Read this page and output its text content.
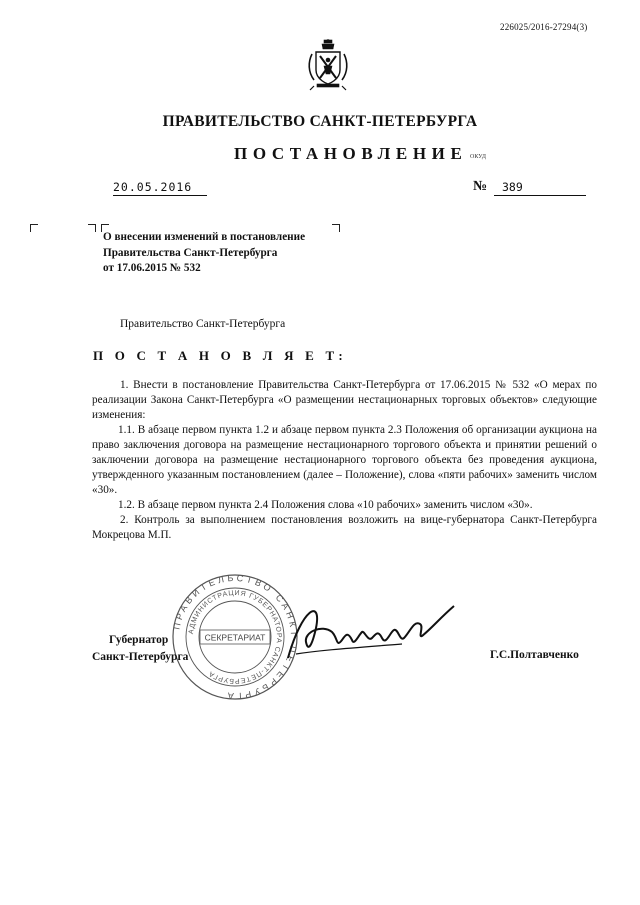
226025/2016-27294(3)
ПРАВИТЕЛЬСТВО САНКТ-ПЕТЕРБУРГА
ПОСТАНОВЛЕНИЕ ОКУД
20.05.2016	№	389
О внесении изменений в постановление
Правительства Санкт-Петербурга
от 17.06.2015 № 532
Правительство Санкт-Петербурга
П О С Т А Н О В Л Я Е Т:

1. Внести в постановление Правительства Санкт-Петербурга от 17.06.2015 № 532 «О мерах по реализации Закона Санкт-Петербурга «О размещении нестационарных торговых объектов» следующие изменения:

1.1. В абзаце первом пункта 1.2 и абзаце первом пункта 2.3 Положения об организации аукциона на право заключения договора на размещение нестационарного торгового объекта и принятии решений о заключении договора на размещение нестационарного торгового объекта без проведения аукциона, утвержденного указанным постановлением (далее – Положение), слова «пяти рабочих» заменить числом «30».

1.2. В абзаце первом пункта 2.4 Положения слова «10 рабочих» заменить числом «30».

2. Контроль за выполнением постановления возложить на вице-губернатора Санкт-Петербурга Мокрецова М.П.

ПРАВИТЕЛЬСТВО САНКТ-ПЕТЕРБУРГА
АДМИНИСТРАЦИЯ ГУБЕРНАТОРА САНКТ-ПЕТЕРБУРГА
СЕКРЕТАРИАТ
Губернатор
Санкт-Петербурга	Г.С.Полтавченко
